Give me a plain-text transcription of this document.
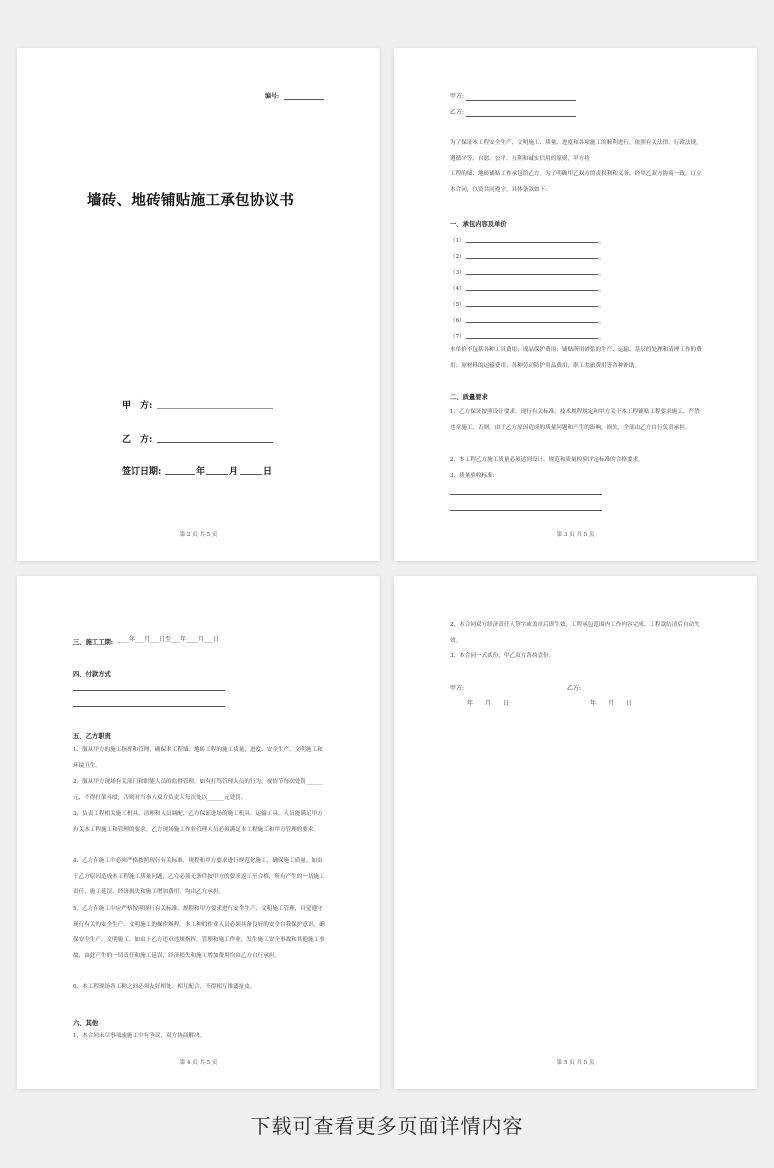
编号:
墙砖、地砖铺贴施工承包协议书
甲　方:
乙　方:
签订日期:	年	月	日
第 2 页 共 5 页
甲方:
乙方:
为了保证本工程安全生产、文明施工、质量、进度和各项施工的顺利进行，依照有关法律、行政法规，遵循平等、自愿、公平、互利和诚实信用的原则，甲方将
工程的墙、地砖铺贴工作承包给乙方。为了明确甲乙双方的责权利和义务，经甲乙双方协商一致，订立本合同，以资共同遵守，具体条款如下:
一、承包内容及单价
（1）	。
（2）	。
（3）	。
（4）	。
（5）	。
（6）	。
（7）	。
本单价不包括各种工具费用；成品保护费用；铺贴所用砂浆的生产、运输、基层的处理和清理工作的费用；原材料的运输费用；各种劳动防护用品费用；职工差旅费用等各种补助。
二、质量要求
1、乙方保证按照设计要求，现行有关标准，技术规程规定和甲方关于本工程铺贴工程要求施工，严禁违章施工，否则，由于乙方原因造成的质量问题和产生的影响，损失，全部由乙方自行负责承担。
2、本工程乙方施工质量必须达到设计、规范和质量检验评定标准的合格要求。
3、质量验收标准:
第 3 页 共 5 页
三、施工工期: ____年___月___日至___年____月___日
四、付款方式
五、乙方职责
1、服从甲方的施工指挥和管理，确保本工程墙、地砖工程的施工质量、进度、安全生产、文明施工和环境卫生。
2、服从甲方现场有关部门和职能人员的监督管理，如有打骂管理人员的行为，视情节每次处罚______元，不得打架斗殴，否则对当事人双方负责人每次处以______元处罚。
3、负责工程相关施工机具、清理和人员调配，乙方保证进场的施工机具、运输工具、人员能满足甲方有关本工程施工和管理的要求。乙方现场施工作业管理人员必须满足本工程施工和甲方管理的要求。
4、乙方在施工中必须严格按照现行有关标准，规程和甲方要求进行规范化施工，确保施工质量。如由于乙方原因造成本工程施工质量问题，乙方必须无条件按甲方的要求返工至合格，所有产生的一切施工责任、施工延误、经济损失和施工增加费用，均由乙方承担。
5、乙方在施工中应严格按照现行有关标准、规程和甲方要求进行安全生产、文明施工管理，自觉遵守现行有关的安全生产、文明施工的操作规程。本工种的作业人员必须具备良好的安全自我保护意识，确保安全生产、文明施工，如由于乙方违章违规指挥，管理和施工作业，发生施工安全事故和其他施工事故，由此产生的一切责任和施工延误，经济损失和施工增加费用均由乙方自行承担。
6、本工程现场各工种之间必须友好相处、相互配合，不得相互推诿扯皮。
六、其他
1、本合同未尽事项或施工中有争议，双方协商解决。
第 4 页 共 5 页
2、本合同双方经济责任人签字或盖章后即生效，工程承包范围内工作内容完成、工程款结清后自动失效。
3、本合同一式贰份，甲乙双方各执壹份。
甲方:	乙方:
年　　月　　日	年　　月　　日
第 5 页 共 5 页
下载可查看更多页面详情内容
